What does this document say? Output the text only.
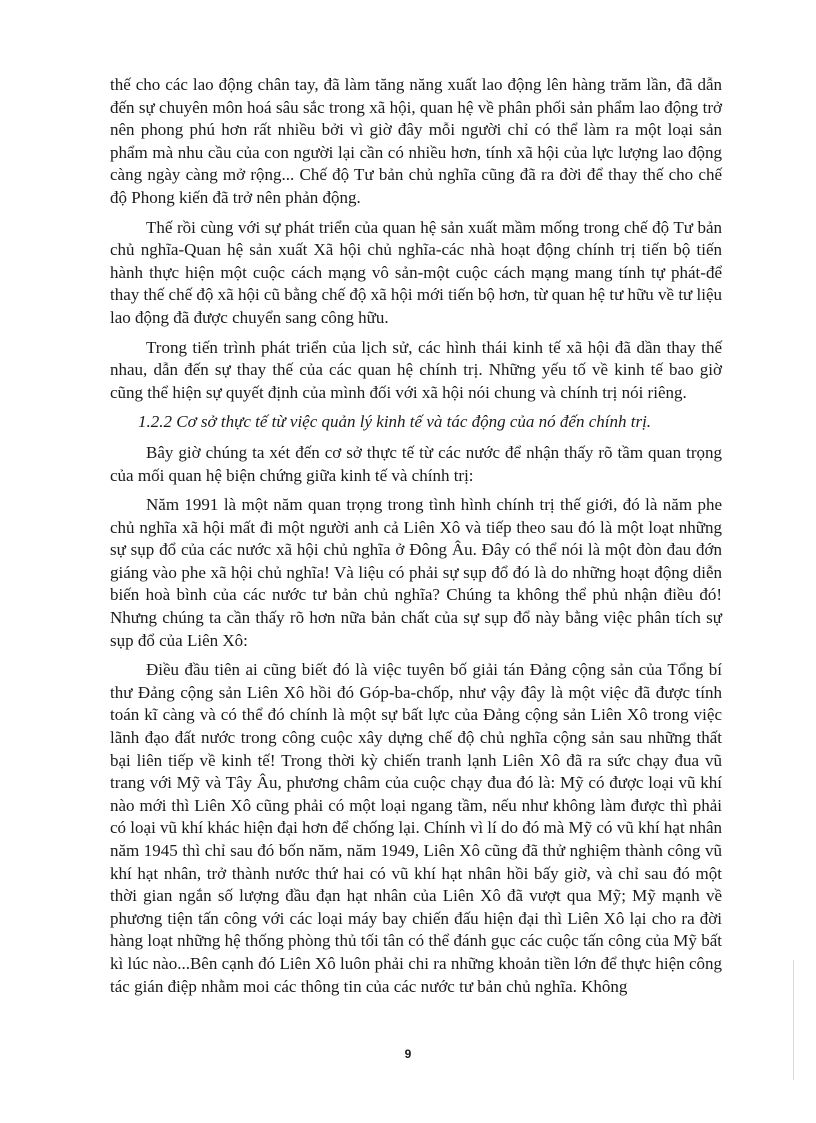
thế cho các lao động chân tay, đã làm tăng năng xuất lao động lên hàng trăm lần, đã dẫn đến sự chuyên môn hoá sâu sắc trong xã hội, quan hệ về phân phối sản phẩm lao động trở nên phong phú hơn rất nhiều bởi vì giờ đây mỗi người chỉ có thể làm ra một loại sản phẩm mà nhu cầu của con người lại cần có nhiều hơn, tính xã hội của lực lượng lao động càng ngày càng mở rộng... Chế độ Tư bản chủ nghĩa cũng đã ra đời để thay thế cho chế độ Phong kiến đã trở nên phản động.

Thế rồi cùng với sự phát triển của quan hệ sản xuất mầm mống trong chế độ Tư bản chủ nghĩa-Quan hệ sản xuất Xã hội chủ nghĩa-các nhà hoạt động chính trị tiến bộ tiến hành thực hiện một cuộc cách mạng vô sản-một cuộc cách mạng mang tính tự phát-để thay thế chế độ xã hội cũ bằng chế độ xã hội mới tiến bộ hơn, từ quan hệ tư hữu về tư liệu lao động đã được chuyển sang công hữu.

Trong tiến trình phát triển của lịch sử, các hình thái kinh tế xã hội đã dần thay thế nhau, dẫn đến sự thay thế của các quan hệ chính trị. Những yếu tố về kinh tế bao giờ cũng thể hiện sự quyết định của mình đối với xã hội nói chung và chính trị nói riêng.

1.2.2 Cơ sở thực tế từ việc quản lý kinh tế và tác động của nó đến chính trị.

Bây giờ chúng ta xét đến cơ sở thực tế từ các nước để nhận thấy rõ tầm quan trọng của mối quan hệ biện chứng giữa kinh tế và chính trị:

Năm 1991 là một năm quan trọng trong tình hình chính trị thế giới, đó là năm phe chủ nghĩa xã hội mất đi một người anh cả Liên Xô và tiếp theo sau đó là một loạt những sự sụp đổ của các nước xã hội chủ nghĩa ở Đông Âu. Đây có thể nói là một đòn đau đớn giáng vào phe xã hội chủ nghĩa! Và liệu có phải sự sụp đổ đó là do những hoạt động diễn biến hoà bình của các nước tư bản chủ nghĩa? Chúng ta không thể phủ nhận điều đó! Nhưng chúng ta cần thấy rõ hơn nữa bản chất của sự sụp đổ này bằng việc phân tích sự sụp đổ của Liên Xô:

Điều đầu tiên ai cũng biết đó là việc tuyên bố giải tán Đảng cộng sản của Tổng bí thư Đảng cộng sản Liên Xô hồi đó Góp-ba-chốp, như vậy đây là một việc đã được tính toán kĩ càng và có thể đó chính là một sự bất lực của Đảng cộng sản Liên Xô trong việc lãnh đạo đất nước trong công cuộc xây dựng chế độ chủ nghĩa cộng sản sau những thất bại liên tiếp về kinh tế! Trong thời kỳ chiến tranh lạnh Liên Xô đã ra sức chạy đua vũ trang với Mỹ và Tây Âu, phương châm của cuộc chạy đua đó là: Mỹ có được loại vũ khí nào mới thì Liên Xô cũng phải có một loại ngang tầm, nếu như không làm được thì phải có loại vũ khí khác hiện đại hơn để chống lại. Chính vì lí do đó mà Mỹ có vũ khí hạt nhân năm 1945 thì chỉ sau đó bốn năm, năm 1949, Liên Xô cũng đã thử nghiệm thành công vũ khí hạt nhân, trở thành nước thứ hai có vũ khí hạt nhân hồi bấy giờ, và chỉ sau đó một thời gian ngắn số lượng đầu đạn hạt nhân của Liên Xô đã vượt qua Mỹ; Mỹ mạnh về phương tiện tấn công với các loại máy bay chiến đấu hiện đại thì Liên Xô lại cho ra đời hàng loạt những hệ thống phòng thủ tối tân có thể đánh gục các cuộc tấn công của Mỹ bất kì lúc nào...Bên cạnh đó Liên Xô luôn phải chi ra những khoản tiền lớn để thực hiện công tác gián điệp nhằm moi các thông tin của các nước tư bản chủ nghĩa. Không

9
